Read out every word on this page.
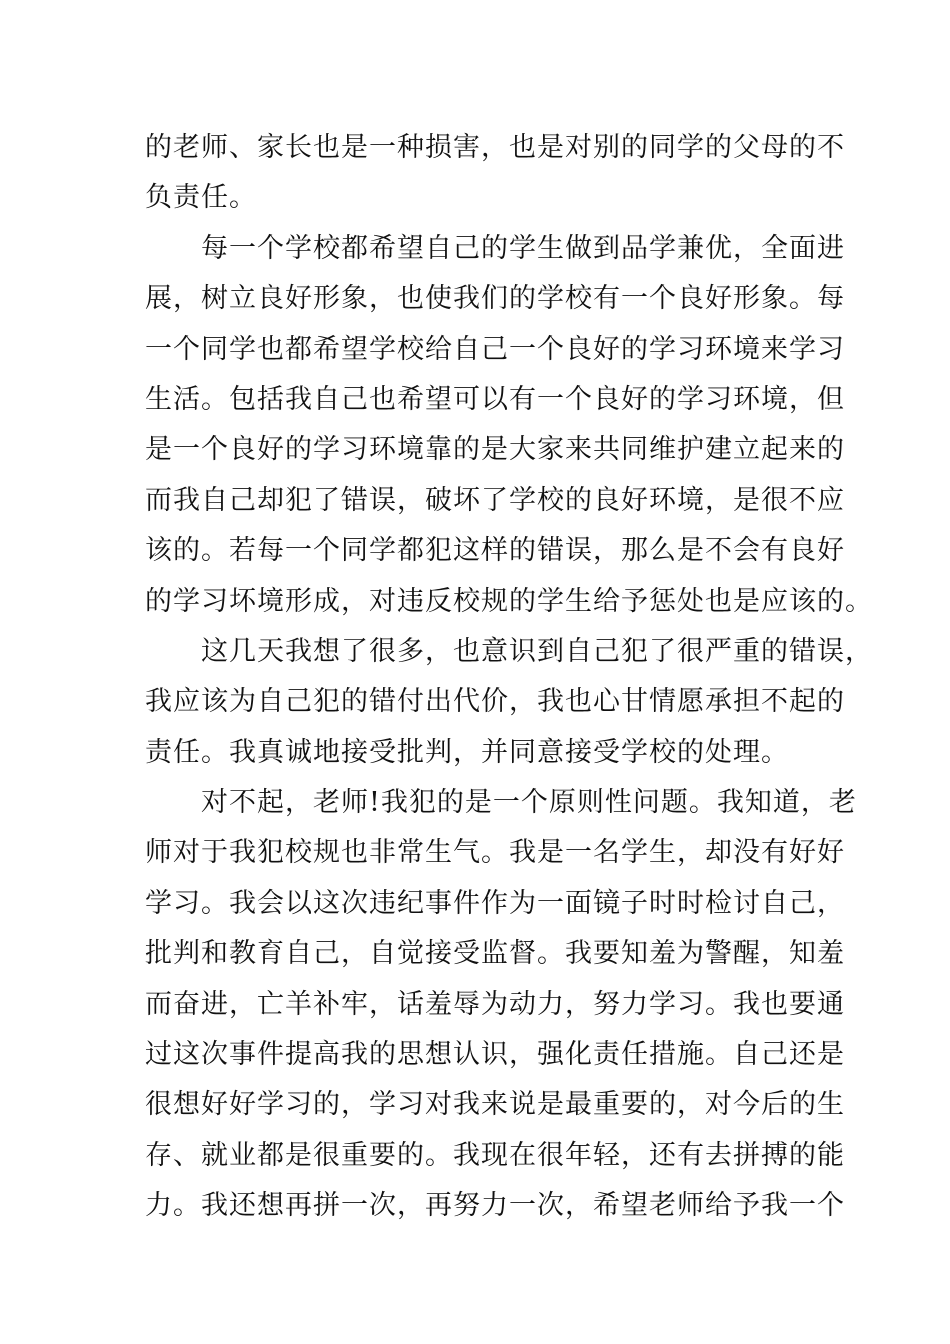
的老师、家长也是一种损害，也是对别的同学的父母的不
负责任。
每一个学校都希望自己的学生做到品学兼优，全面进
展，树立良好形象，也使我们的学校有一个良好形象。每
一个同学也都希望学校给自己一个良好的学习环境来学习
生活。包括我自己也希望可以有一个良好的学习环境，但
是一个良好的学习环境靠的是大家来共同维护建立起来的
而我自己却犯了错误，破坏了学校的良好环境，是很不应
该的。若每一个同学都犯这样的错误，那么是不会有良好
的学习坏境形成，对违反校规的学生给予惩处也是应该的。
这几天我想了很多，也意识到自己犯了很严重的错误，
我应该为自己犯的错付出代价，我也心甘情愿承担不起的
责任。我真诚地接受批判，并同意接受学校的处理。
对不起，老师!我犯的是一个原则性问题。我知道，老
师对于我犯校规也非常生气。我是一名学生，却没有好好
学习。我会以这次违纪事件作为一面镜子时时检讨自己，
批判和教育自己，自觉接受监督。我要知羞为警醒，知羞
而奋进，亡羊补牢，话羞辱为动力，努力学习。我也要通
过这次事件提高我的思想认识，强化责任措施。自己还是
很想好好学习的，学习对我来说是最重要的，对今后的生
存、就业都是很重要的。我现在很年轻，还有去拼搏的能
力。我还想再拼一次，再努力一次，希望老师给予我一个
